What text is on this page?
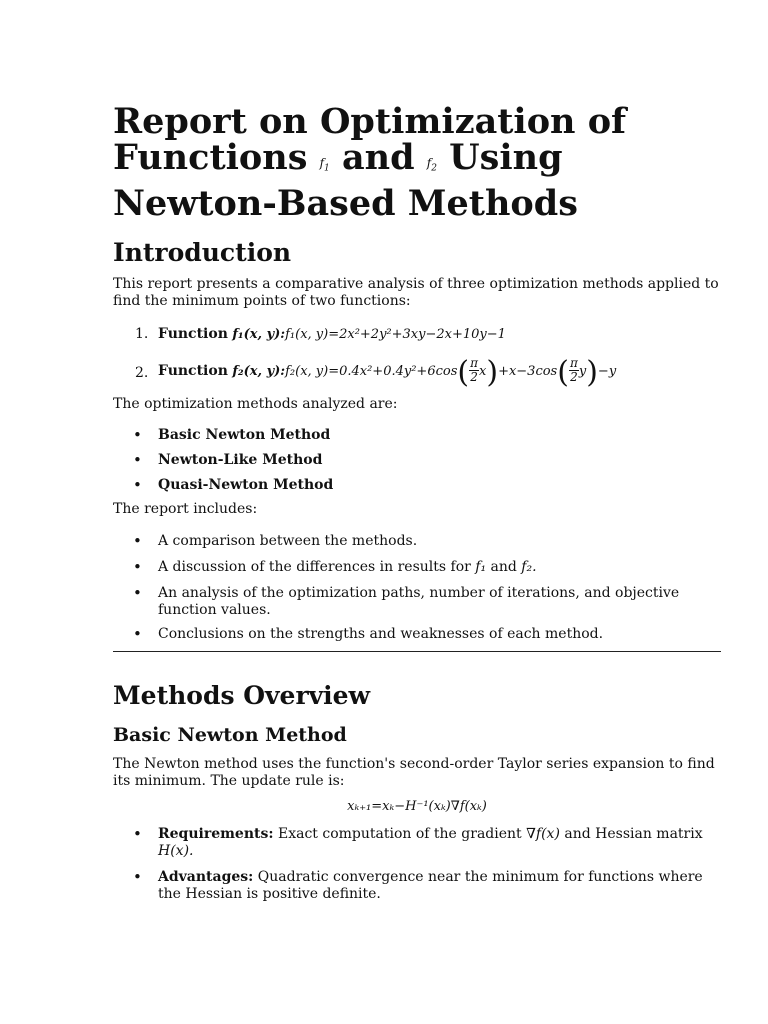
Report on Optimization of
Functions $f_1$ and $f_2$ Using
Newton-Based Methods
Introduction

This report presents a comparative analysis of three optimization methods applied to find the minimum points of two functions:

1. Function f₁(x, y):f₁(x, y)=2x²+2y²+3xy−2x+10y−1
2. Function f₂(x, y):f₂(x, $y)=0.4x^2+0.4y^2+6\cos( \frac{\pi}{2} x)+x-3\cos( \frac{\pi}{2} y)-y$

The optimization methods analyzed are:

• Basic Newton Method
• Newton-Like Method
• Quasi-Newton Method

The report includes:

• A comparison between the methods.
• A discussion of the differences in results for f₁ and f₂.
• An analysis of the optimization paths, number of iterations, and objective function values.
• Conclusions on the strengths and weaknesses of each method.
Methods Overview
Basic Newton Method

The Newton method uses the function's second-order Taylor series expansion to find its minimum. The update rule is:

xₖ₊₁=xₖ−H⁻¹(xₖ)∇f(xₖ)
• Requirements: Exact computation of the gradient ∇f(x) and Hessian matrix H(x).
• Advantages: Quadratic convergence near the minimum for functions where the Hessian is positive definite.
